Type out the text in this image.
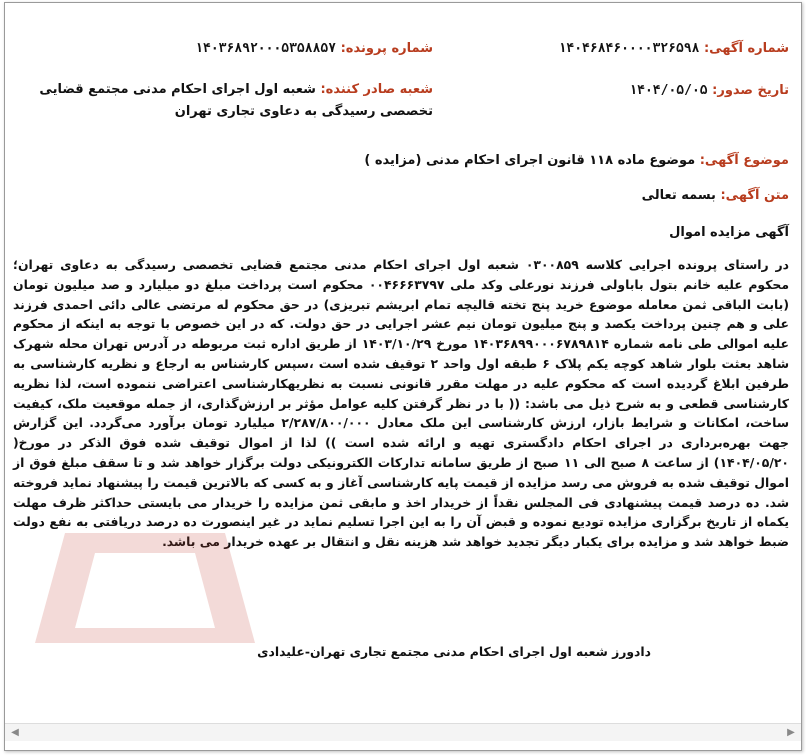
شماره آگهی: ۱۴۰۴۶۸۴۶۰۰۰۰۳۲۶۵۹۸
شماره پرونده: ۱۴۰۳۶۸۹۲۰۰۰۵۳۵۸۸۵۷
تاریخ صدور: ۱۴۰۴/۰۵/۰۵
شعبه صادر کننده: شعبه اول اجرای احکام مدنی مجتمع قضایی تخصصی رسیدگی به دعاوی تجاری تهران
موضوع آگهی: موضوع ماده ۱۱۸ قانون اجرای احکام مدنی (مزایده )
متن آگهی: بسمه تعالی
آگهی مزایده اموال

در راستای پرونده اجرایی کلاسه ۰۳۰۰۸۵۹ شعبه اول اجرای احکام مدنی مجتمع قضایی تخصصی رسیدگی به دعاوی تهران؛ محکوم علیه خانم بتول باباولی فرزند نورعلی وکد ملی ۰۰۴۶۶۶۳۷۹۷ محکوم است پرداخت مبلغ دو میلیارد و صد میلیون تومان (بابت الباقی ثمن معامله موضوع خرید پنج تخته قالیچه تمام ابریشم تبریزی) در حق محکوم له مرتضی عالی دائی احمدی فرزند علی و هم چنین پرداخت یکصد و پنج میلیون تومان نیم عشر اجرایی در حق دولت. که در این خصوص با توجه به اینکه از محکوم علیه اموالی طی نامه شماره ۱۴۰۳۶۸۹۹۰۰۰۶۷۸۹۸۱۴ مورخ ۱۴۰۳/۱۰/۲۹ از طریق اداره ثبت مربوطه در آدرس تهران محله شهرک شاهد بعثت بلوار شاهد کوچه یکم پلاک ۶ طبقه اول واحد ۲ توقیف شده است ،سپس کارشناس به ارجاع و نظریه کارشناسی به طرفین ابلاغ گردیده است که محکوم علیه در مهلت مقرر قانونی نسبت به نظریهکارشناسی اعتراضی ننموده است، لذا نظریه کارشناسی قطعی و به شرح ذیل می باشد: (( با در نظر گرفتن کلیه عوامل مؤثر بر ارزش‌گذاری، از جمله موقعیت ملک، کیفیت ساخت، امکانات و شرایط بازار، ارزش کارشناسی این ملک معادل ۲/۲۸۷/۸۰۰/۰۰۰ میلیارد تومان برآورد می‌گردد. این گزارش جهت بهره‌برداری در اجرای احکام دادگستری تهیه و ارائه شده است )) لذا از اموال توقیف شده فوق الذکر در مورخ( ۱۴۰۴/۰۵/۲۰) از ساعت ۸ صبح الی ۱۱ صبح از طریق سامانه تدارکات الکترونیکی دولت برگزار خواهد شد و تا سقف مبلغ فوق از اموال توقیف شده به فروش می رسد مزایده از قیمت پایه کارشناسی آغاز و به کسی که بالاترین قیمت را پیشنهاد نماید فروخته شد. ده درصد قیمت پیشنهادی فی المجلس نقداً از خریدار اخذ و مابقی ثمن مزایده را خریدار می بایستی حداکثر ظرف مهلت یکماه از تاریخ برگزاری مزایده تودیع نموده و قبض آن را به این اجرا تسلیم نماید در غیر اینصورت ده درصد دریافتی به نفع دولت ضبط خواهد شد و مزایده برای یکبار دیگر تجدید خواهد شد هزینه نقل و انتقال بر عهده خریدار می باشد.

دادورز شعبه اول اجرای احکام مدنی مجتمع تجاری تهران-علیدادی
◀	▶
